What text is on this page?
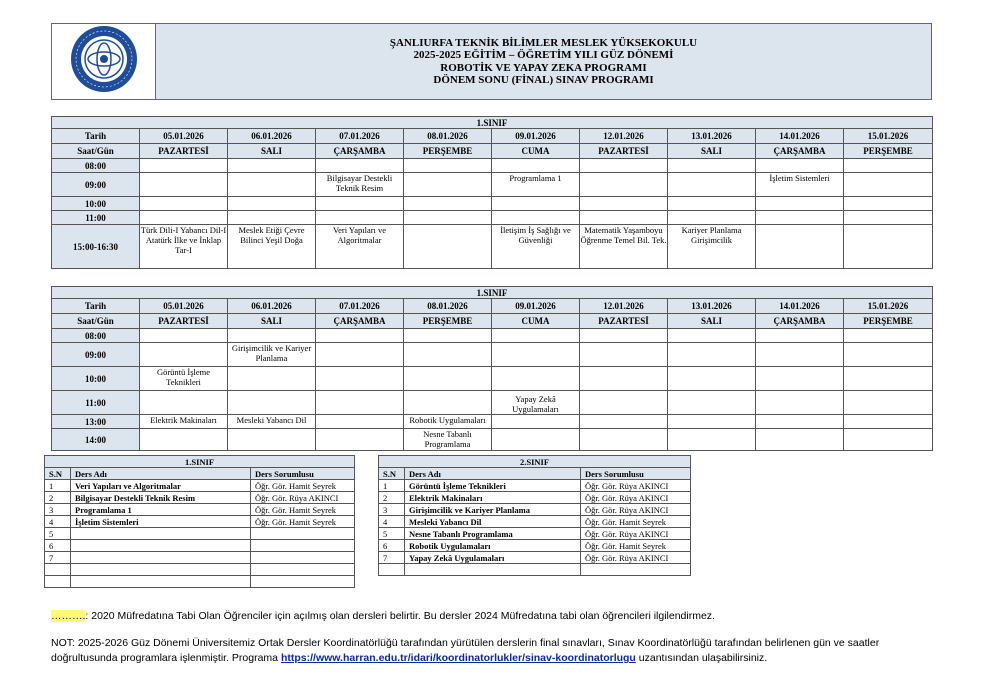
ŞANLIURFA TEKNİK BİLİMLER MESLEK YÜKSEKOKULU
2025-2025 EĞİTİM – ÖĞRETİM YILI GÜZ DÖNEMİ
ROBOTİK VE YAPAY ZEKA PROGRAMI
DÖNEM SONU (FİNAL) SINAV PROGRAMI
1.SINIF									
Tarih	05.01.2026	06.01.2026	07.01.2026	08.01.2026	09.01.2026	12.01.2026	13.01.2026	14.01.2026	15.01.2026
Saat/Gün	PAZARTESİ	SALI	ÇARŞAMBA	PERŞEMBE	CUMA	PAZARTESİ	SALI	ÇARŞAMBA	PERŞEMBE
08:00									
09:00			Bilgisayar Destekli Teknik Resim		Programlama 1			İşletim Sistemleri	
10:00									
11:00									
15:00-16:30	Türk Dili-I Yabancı Dil-I Atatürk İlke ve İnklap Tar-I	Meslek Etiği Çevre Bilinci Yeşil Doğa	Veri Yapıları ve Algoritmalar		İletişim İş Sağlığı ve Güvenliği	Matematik Yaşamboyu Öğrenme Temel Bil. Tek.	Kariyer Planlama Girişimcilik		
1.SINIF									
Tarih	05.01.2026	06.01.2026	07.01.2026	08.01.2026	09.01.2026	12.01.2026	13.01.2026	14.01.2026	15.01.2026
Saat/Gün	PAZARTESİ	SALI	ÇARŞAMBA	PERŞEMBE	CUMA	PAZARTESİ	SALI	ÇARŞAMBA	PERŞEMBE
08:00									
09:00		Girişimcilik ve Kariyer Planlama							
10:00	Görüntü İşleme Teknikleri								
11:00					Yapay Zekâ Uygulamaları				
13:00	Elektrik Makinaları	Mesleki Yabancı Dil		Robotik Uygulamaları					
14:00				Nesne Tabanlı Programlama					
1.SINIF		
S.N	Ders Adı	Ders Sorumlusu
1	Veri Yapıları ve Algoritmalar	Öğr. Gör. Hamit Seyrek
2	Bilgisayar Destekli Teknik Resim	Öğr. Gör. Rüya AKINCI
3	Programlama 1	Öğr. Gör. Hamit Seyrek
4	İşletim Sistemleri	Öğr. Gör. Hamit Seyrek
5		
6		
7		

2.SINIF		
S.N	Ders Adı	Ders Sorumlusu
1	Görüntü İşleme Teknikleri	Öğr. Gör. Rüya AKINCI
2	Elektrik Makinaları	Öğr. Gör. Rüya AKINCI
3	Girişimcilik ve Kariyer Planlama	Öğr. Gör. Rüya AKINCI
4	Mesleki Yabancı Dil	Öğr. Gör. Hamit Seyrek
5	Nesne Tabanlı Programlama	Öğr. Gör. Rüya AKINCI
6	Robotik Uygulamaları	Öğr. Gör. Hamit Seyrek
7	Yapay Zekâ Uygulamaları	Öğr. Gör. Rüya AKINCI

……….: 2020 Müfredatına Tabi Olan Öğrenciler için açılmış olan dersleri belirtir. Bu dersler 2024 Müfredatına tabi olan öğrencileri ilgilendirmez.
NOT: 2025-2026 Güz Dönemi Üniversitemiz Ortak Dersler Koordinatörlüğü tarafından yürütülen derslerin final sınavları, Sınav Koordinatörlüğü tarafından belirlenen gün ve saatler
doğrultusunda programlara işlenmiştir. Programa https://www.harran.edu.tr/idari/koordinatorlukler/sinav-koordinatorlugu uzantısından ulaşabilirsiniz.
